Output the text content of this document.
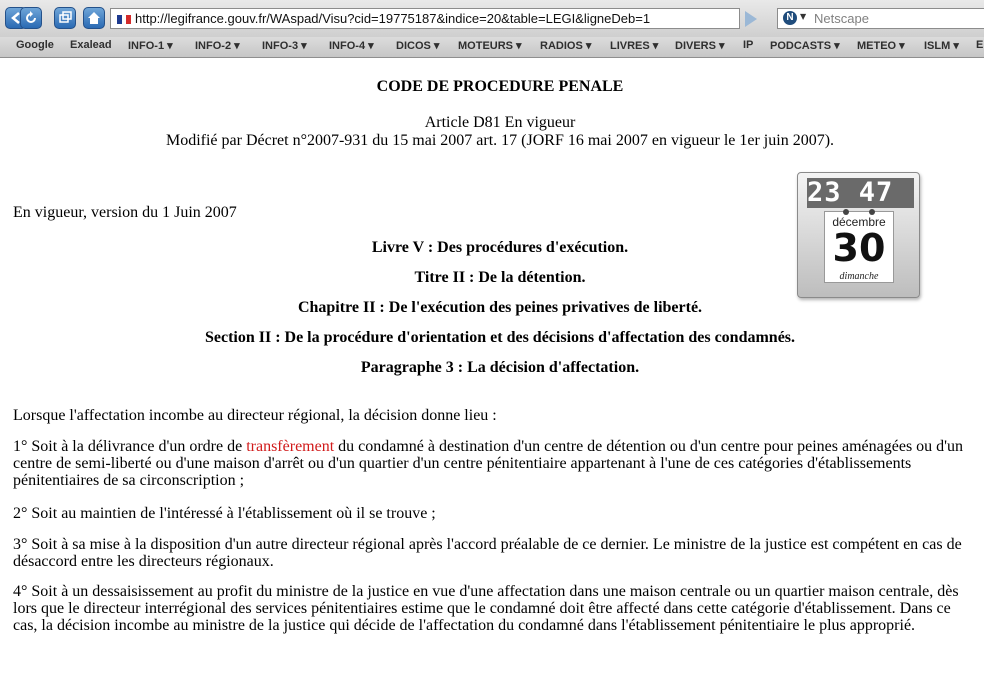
http://legifrance.gouv.fr/WAspad/Visu?cid=19775187&indice=20&table=LEGI&ligneDeb=1	N ▼ Netscape
Google Exalead INFO-1 ▾ INFO-2 ▾ INFO-3 ▾ INFO-4 ▾ DICOS ▾ MOTEURS ▾ RADIOS ▾ LIVRES ▾ DIVERS ▾ IP PODCASTS ▾ METEO ▾ ISLM ▾ E
CODE DE PROCEDURE PENALE
Article D81 En vigueur
Modifié par Décret n°2007-931 du 15 mai 2007 art. 17 (JORF 16 mai 2007 en vigueur le 1er juin 2007).
En vigueur, version du 1 Juin 2007
Livre V : Des procédures d'exécution.
Titre II : De la détention.
Chapitre II : De l'exécution des peines privatives de liberté.
Section II : De la procédure d'orientation et des décisions d'affectation des condamnés.
Paragraphe 3 : La décision d'affectation.
Lorsque l'affectation incombe au directeur régional, la décision donne lieu :
1° Soit à la délivrance d'un ordre de transfèrement du condamné à destination d'un centre de détention ou d'un centre pour peines aménagées ou d'un centre de semi-liberté ou d'une maison d'arrêt ou d'un quartier d'un centre pénitentiaire appartenant à l'une de ces catégories d'établissements pénitentiaires de sa circonscription ;
2° Soit au maintien de l'intéressé à l'établissement où il se trouve ;
3° Soit à sa mise à la disposition d'un autre directeur régional après l'accord préalable de ce dernier. Le ministre de la justice est compétent en cas de désaccord entre les directeurs régionaux.
4° Soit à un dessaisissement au profit du ministre de la justice en vue d'une affectation dans une maison centrale ou un quartier maison centrale, dès lors que le directeur interrégional des services pénitentiaires estime que le condamné doit être affecté dans cette catégorie d'établissement. Dans ce cas, la décision incombe au ministre de la justice qui décide de l'affectation du condamné dans l'établissement pénitentiaire le plus approprié.
23 47
décembre
30
dimanche
